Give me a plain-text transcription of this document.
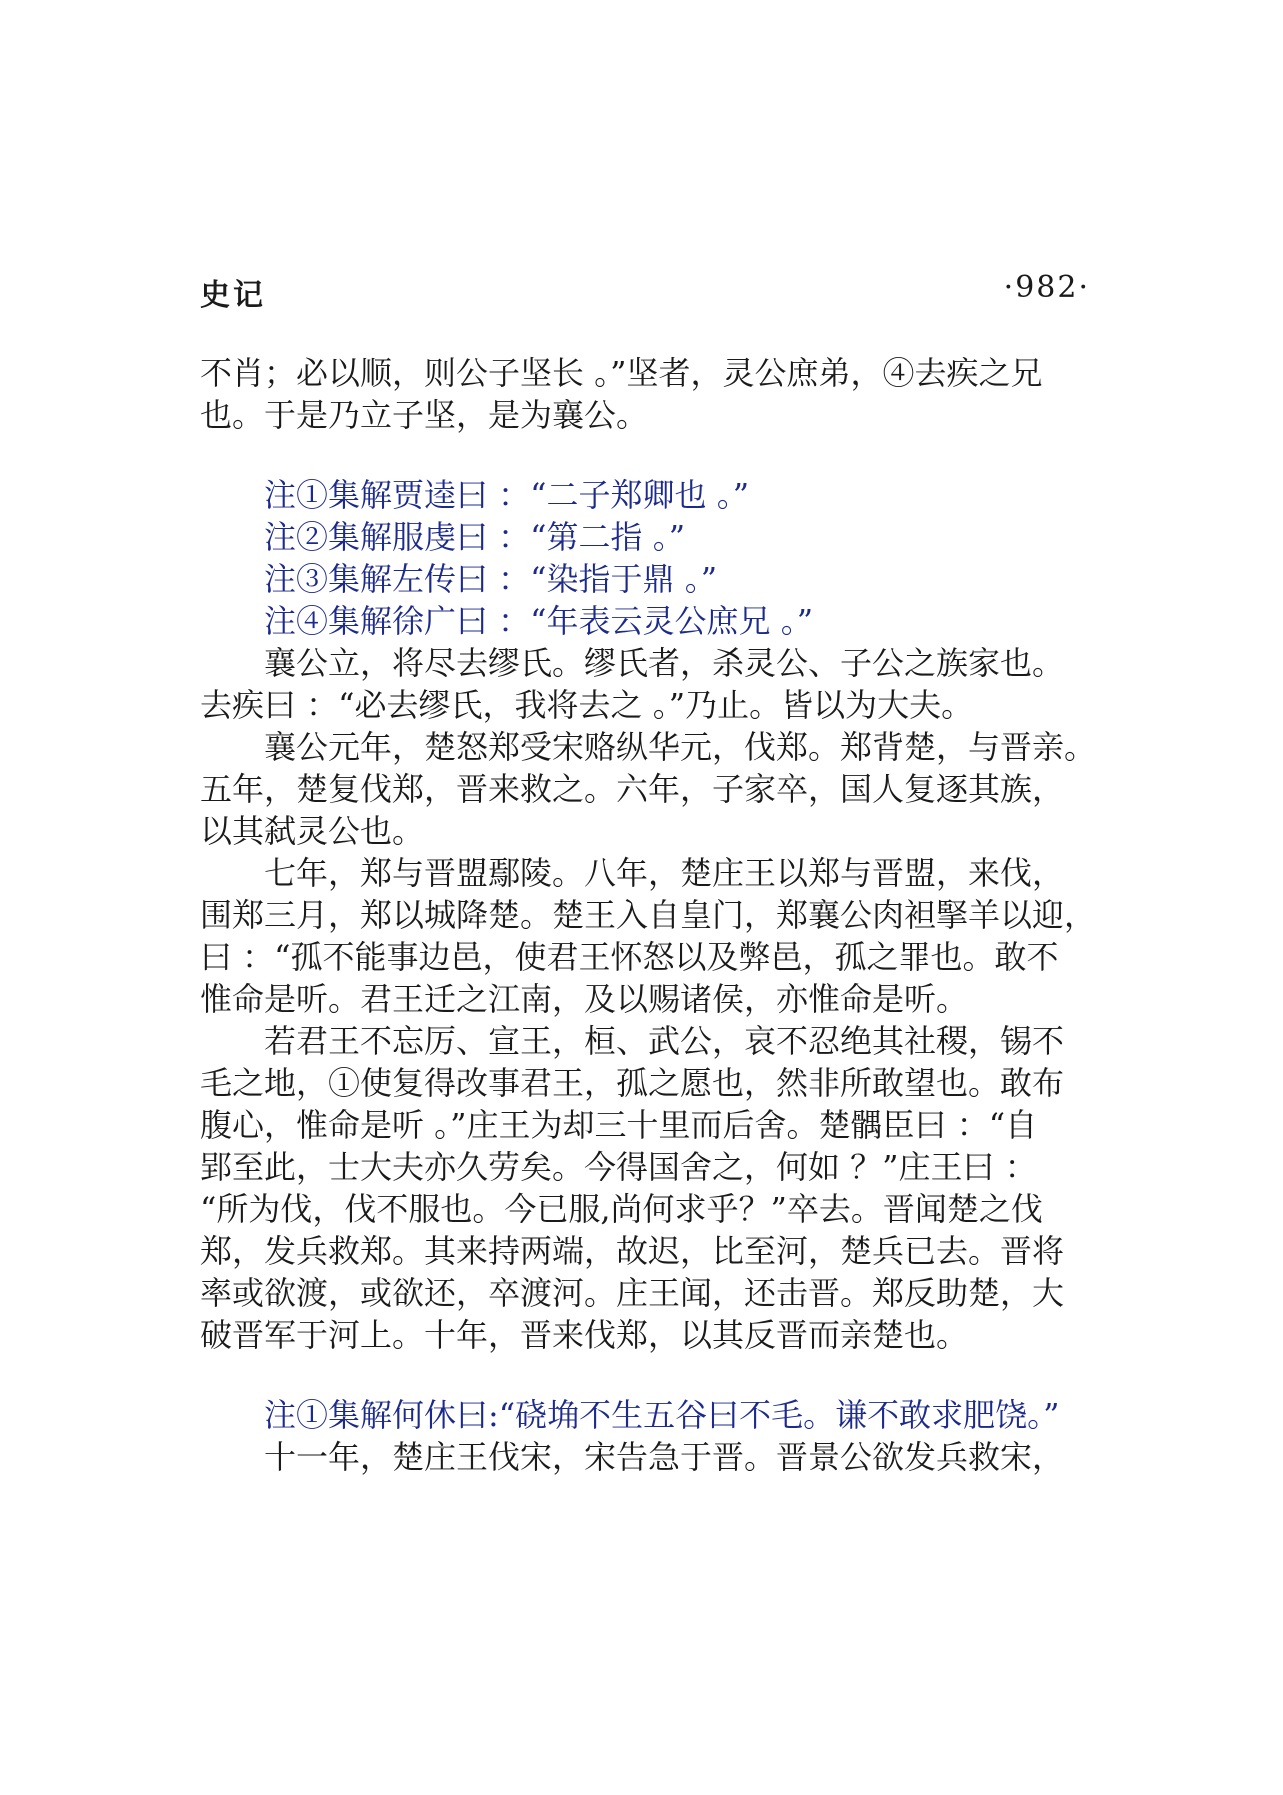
史记	·982·
不肖；必以顺，则公子坚长 。”坚者，灵公庶弟，④去疾之兄
也。于是乃立子坚，是为襄公。
注①集解贾逵曰 ：“二子郑卿也 。”
注②集解服虔曰 ：“第二指 。”
注③集解左传曰 ：“染指于鼎 。”
注④集解徐广曰 ：“年表云灵公庶兄 。”
襄公立，将尽去缪氏。缪氏者，杀灵公、子公之族家也。
去疾曰 ：“必去缪氏，我将去之 。”乃止。皆以为大夫。
襄公元年，楚怒郑受宋赂纵华元，伐郑。郑背楚，与晋亲。
五年，楚复伐郑，晋来救之。六年，子家卒，国人复逐其族，
以其弑灵公也。
七年，郑与晋盟鄢陵。八年，楚庄王以郑与晋盟，来伐，
围郑三月，郑以城降楚。楚王入自皇门，郑襄公肉袒掔羊以迎，
曰 ：“孤不能事边邑，使君王怀怒以及弊邑，孤之罪也。敢不
惟命是听。君王迁之江南，及以赐诸侯，亦惟命是听。
若君王不忘厉、宣王，桓、武公，哀不忍绝其社稷，锡不
毛之地，①使复得改事君王，孤之愿也，然非所敢望也。敢布
腹心，惟命是听 。”庄王为却三十里而后舍。楚髃臣曰 ：“自
郢至此，士大夫亦久劳矣。今得国舍之，何如 ？”庄王曰 ：
“所为伐，伐不服也。今已服,尚何求乎？”卒去。晋闻楚之伐
郑，发兵救郑。其来持两端，故迟，比至河，楚兵已去。晋将
率或欲渡，或欲还，卒渡河。庄王闻，还击晋。郑反助楚，大
破晋军于河上。十年，晋来伐郑，以其反晋而亲楚也。
注①集解何休曰:“硗埆不生五谷曰不毛。谦不敢求肥饶。”
十一年，楚庄王伐宋，宋告急于晋。晋景公欲发兵救宋，
